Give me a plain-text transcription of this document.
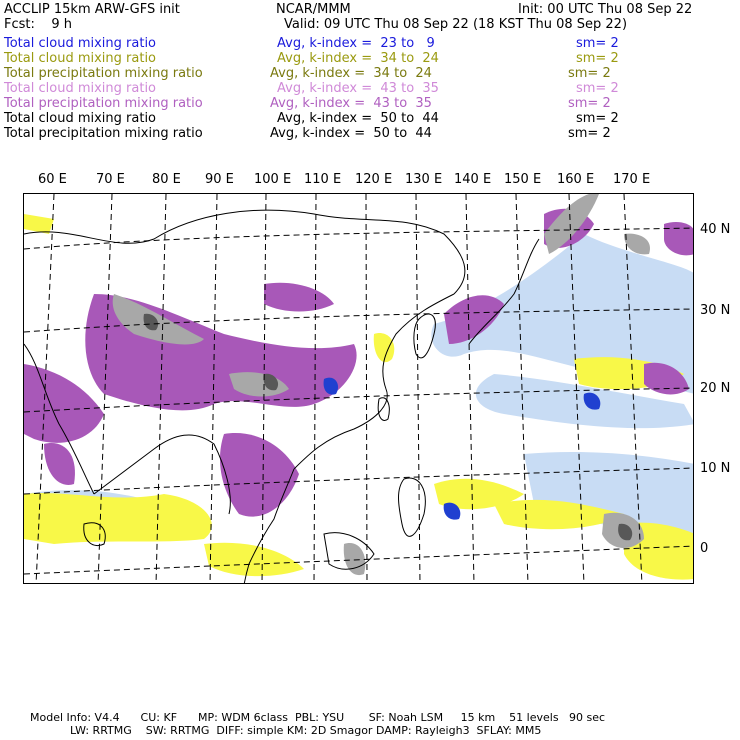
ACCLIP 15km ARW-GFS init	NCAR/MMM	Init: 00 UTC Thu 08 Sep 22
Fcst:    9 h	Valid: 09 UTC Thu 08 Sep 22 (18 KST Thu 08 Sep 22)
Total cloud mixing ratio	Avg, k-index =  23 to   9	sm= 2
Total cloud mixing ratio	Avg, k-index =  34 to  24	sm= 2
Total precipitation mixing ratio	Avg, k-index =  34 to  24	sm= 2
Total cloud mixing ratio	Avg, k-index =  43 to  35	sm= 2
Total precipitation mixing ratio	Avg, k-index =  43 to  35	sm= 2
Total cloud mixing ratio	Avg, k-index =  50 to  44	sm= 2
Total precipitation mixing ratio	Avg, k-index =  50 to  44	sm= 2
60 E 70 E 80 E 90 E 100 E 110 E 120 E 130 E 140 E 150 E 160 E 170 E
40 N
30 N
20 N
10 N
0
Model Info: V4.4      CU: KF      MP: WDM 6class  PBL: YSU       SF: Noah LSM     15 km    51 levels   90 sec
LW: RRTMG    SW: RRTMG  DIFF: simple KM: 2D Smagor DAMP: Rayleigh3  SFLAY: MM5
